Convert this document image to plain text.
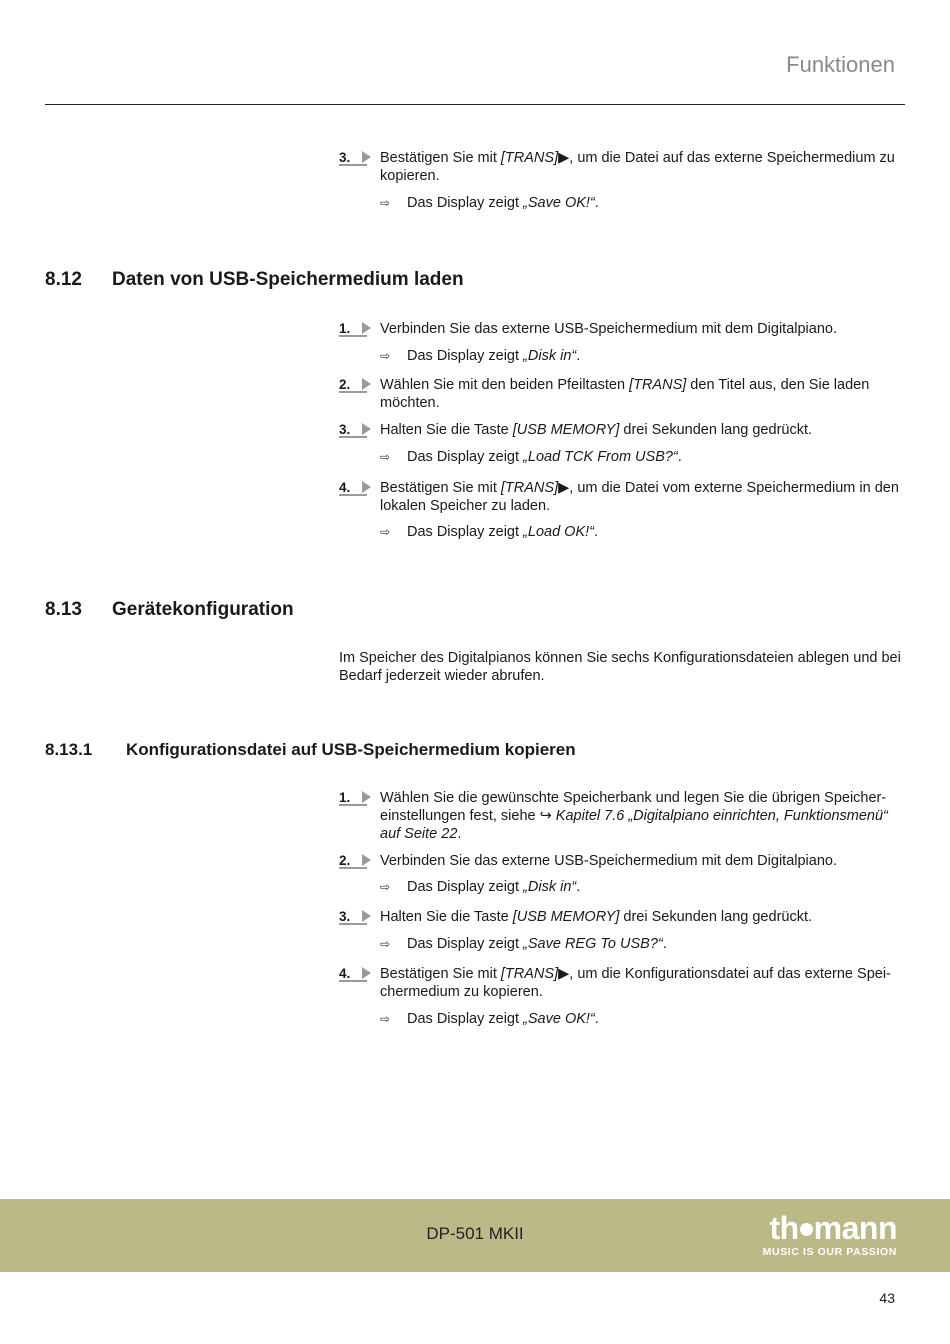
Funktionen
3.	Bestätigen Sie mit [TRANS]▶, um die Datei auf das externe Speichermedium zu kopieren.
⇨ Das Display zeigt „Save OK!“.
8.12 Daten von USB-Speichermedium laden
1.	Verbinden Sie das externe USB-Speichermedium mit dem Digitalpiano.
⇨ Das Display zeigt „Disk in“.
2.	Wählen Sie mit den beiden Pfeiltasten [TRANS] den Titel aus, den Sie laden möchten.
3.	Halten Sie die Taste [USB MEMORY] drei Sekunden lang gedrückt.
⇨ Das Display zeigt „Load TCK From USB?“.
4.	Bestätigen Sie mit [TRANS]▶, um die Datei vom externe Speichermedium in den lokalen Speicher zu laden.
⇨ Das Display zeigt „Load OK!“.
8.13 Gerätekonfiguration
Im Speicher des Digitalpianos können Sie sechs Konfigurationsdateien ablegen und bei Bedarf jederzeit wieder abrufen.
8.13.1 Konfigurationsdatei auf USB-Speichermedium kopieren
1.	Wählen Sie die gewünschte Speicherbank und legen Sie die übrigen Speichereinstellungen fest, siehe ↪ Kapitel 7.6 „Digitalpiano einrichten, Funktionsmenü“ auf Seite 22.
2.	Verbinden Sie das externe USB-Speichermedium mit dem Digitalpiano.
⇨ Das Display zeigt „Disk in“.
3.	Halten Sie die Taste [USB MEMORY] drei Sekunden lang gedrückt.
⇨ Das Display zeigt „Save REG To USB?“.
4.	Bestätigen Sie mit [TRANS]▶, um die Konfigurationsdatei auf das externe Speichermedium zu kopieren.
⇨ Das Display zeigt „Save OK!“.
DP-501 MKII	th mann
MUSIC IS OUR PASSION
43
